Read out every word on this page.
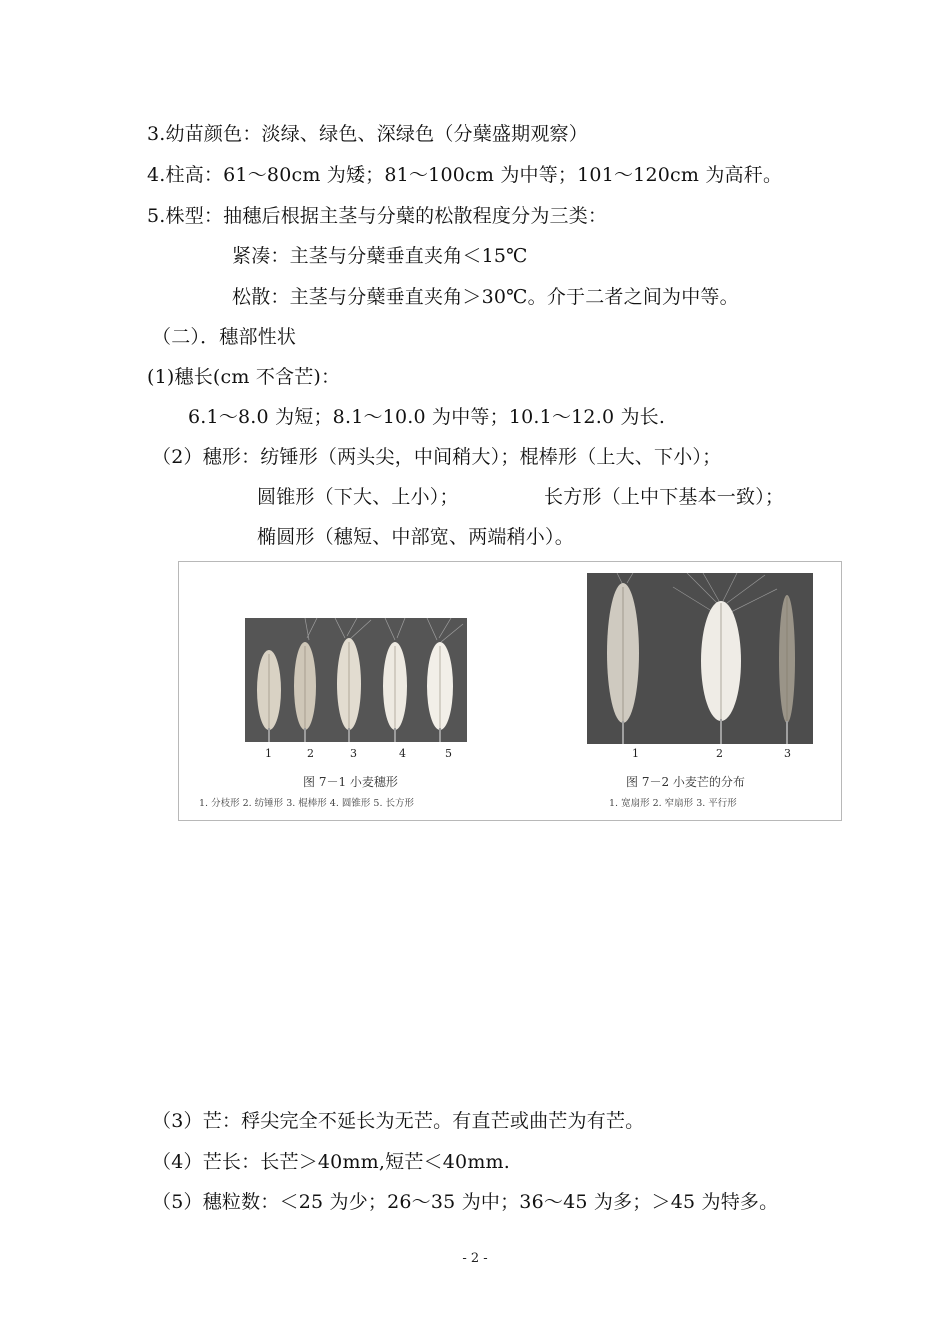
3.幼苗颜色：淡绿、绿色、深绿色（分蘖盛期观察）
4.柱高：61～80cm 为矮；81～100cm 为中等；101～120cm 为高秆。
5.株型：抽穗后根据主茎与分蘖的松散程度分为三类：
紧凑：主茎与分蘖垂直夹角＜15℃
松散：主茎与分蘖垂直夹角＞30℃。介于二者之间为中等。
（二）．穗部性状
(1)穗长(cm 不含芒)：
6.1～8.0 为短；8.1～10.0 为中等；10.1～12.0 为长.
（2）穗形：纺锤形（两头尖，中间稍大）；棍棒形（上大、下小）；
圆锥形（下大、上小）；	长方形（上中下基本一致）；
椭圆形（穗短、中部宽、两端稍小）。
1	2	3	4	5
图 7－1 小麦穗形
1. 分枝形 2. 纺锤形 3. 棍棒形 4. 圆锥形 5. 长方形
1	2	3
图 7－2 小麦芒的分布
1. 宽扇形 2. 窄扇形 3. 平行形
（3）芒：稃尖完全不延长为无芒。有直芒或曲芒为有芒。
（4）芒长：长芒＞40mm,短芒＜40mm.
（5）穗粒数：＜25 为少；26～35 为中；36～45 为多；＞45 为特多。
- 2 -
